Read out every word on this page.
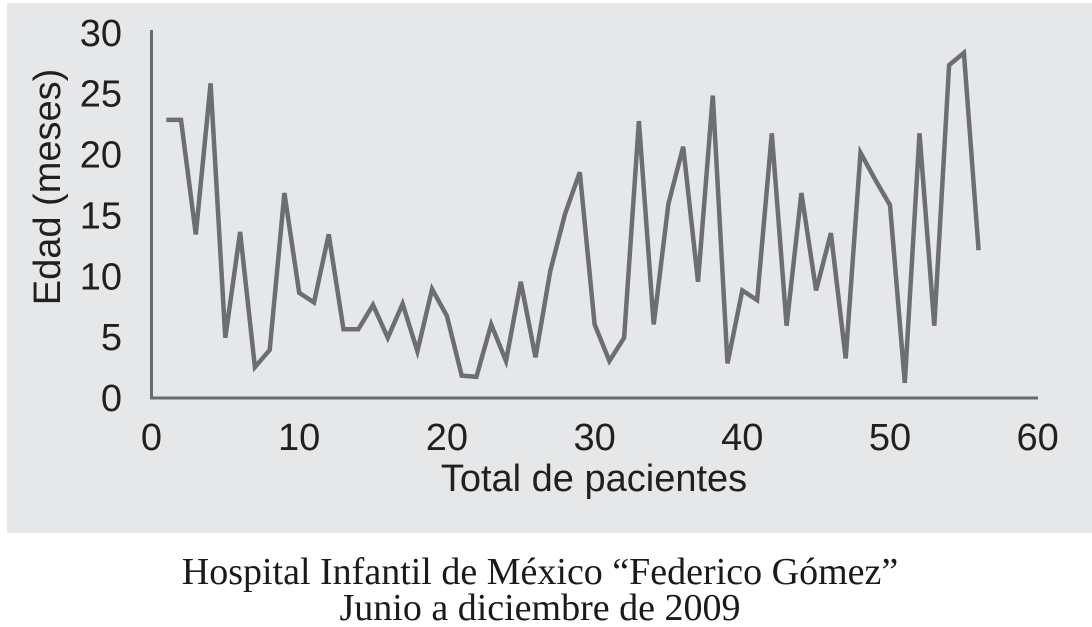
0
5
10
15
20
25
30
0	10	20	30	40	50	60
Edad (meses)
Total de pacientes
Hospital Infantil de México “Federico Gómez”
Junio a diciembre de 2009
